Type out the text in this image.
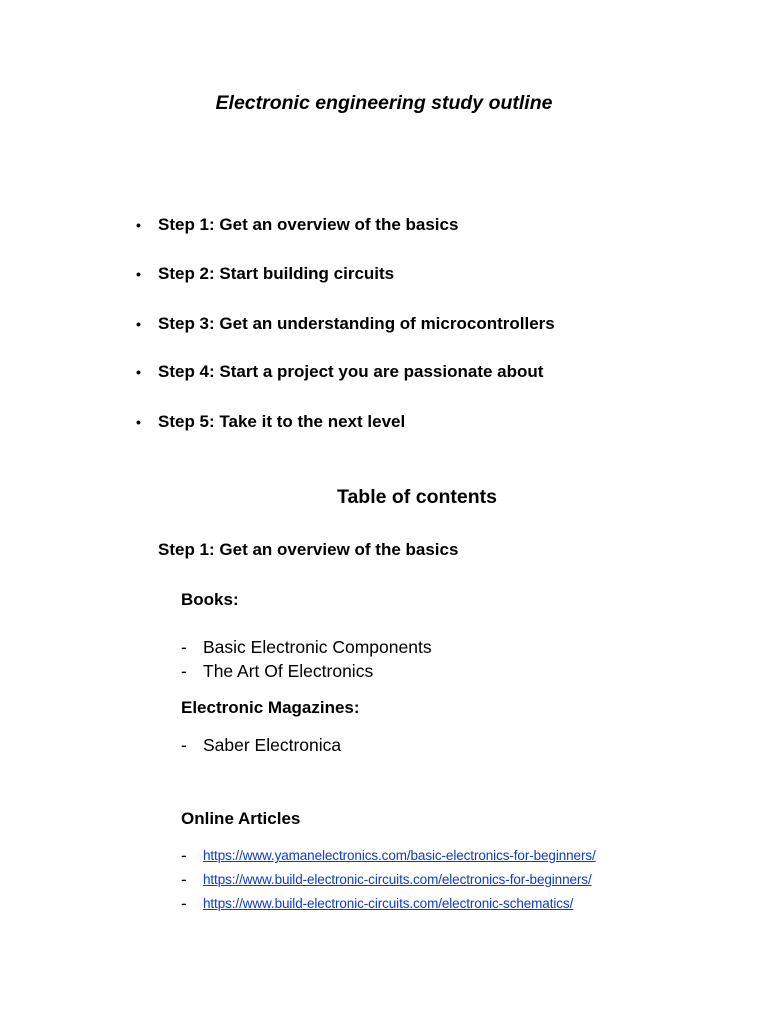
Electronic engineering study outline
• Step 1: Get an overview of the basics
• Step 2: Start building circuits
• Step 3: Get an understanding of microcontrollers
• Step 4: Start a project you are passionate about
• Step 5: Take it to the next level
Table of contents
Step 1: Get an overview of the basics
Books:
- Basic Electronic Components
- The Art Of Electronics
Electronic Magazines:
- Saber Electronica
Online Articles
- https://www.yamanelectronics.com/basic-electronics-for-beginners/
- https://www.build-electronic-circuits.com/electronics-for-beginners/
- https://www.build-electronic-circuits.com/electronic-schematics/
